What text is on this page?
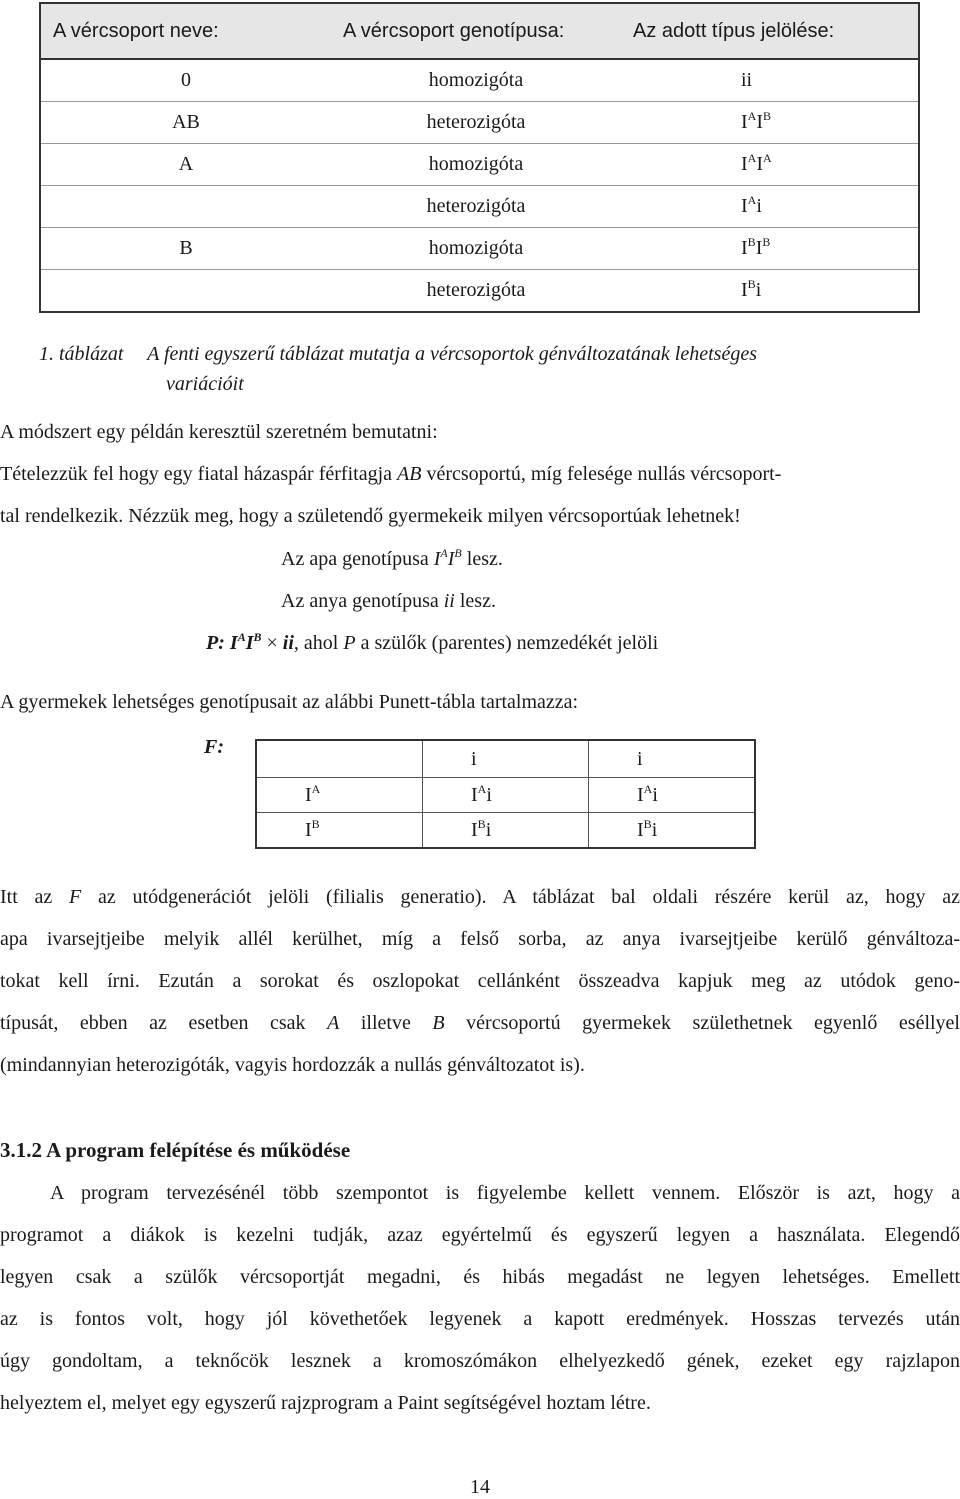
A vércsoport neve:	A vércsoport genotípusa:	Az adott típus jelölése:
0	homozigóta	ii
AB	heterozigóta	$I^AI^B$
A	homozigóta	$I^AI^A$
	heterozigóta	$I^Ai$
B	homozigóta	$I^BI^B$
	heterozigóta	$I^Bi$
1. táblázat A fenti egyszerű táblázat mutatja a vércsoportok génváltozatának lehetséges
variációit
A módszert egy példán keresztül szeretném bemutatni:
Tételezzük fel hogy egy fiatal házaspár férfitagja AB vércsoportú, míg felesége nullás vércsoport-
tal rendelkezik. Nézzük meg, hogy a születendő gyermekeik milyen vércsoportúak lehetnek!
Az apa genotípusa $I^AI^B$ lesz.
Az anya genotípusa ii lesz.
P: $I^AI^B$ × ii, ahol P a szülők (parentes) nemzedékét jelöli
A gyermekek lehetséges genotípusait az alábbi Punett-tábla tartalmazza:
F:
	i	i
$I^A$	$I^Ai$	$I^Ai$
$I^B$	$I^Bi$	$I^Bi$
Itt az F az utódgenerációt jelöli (filialis generatio). A táblázat bal oldali részére kerül az, hogy az
apa ivarsejtjeibe melyik allél kerülhet, míg a felső sorba, az anya ivarsejtjeibe kerülő génváltoza-
tokat kell írni. Ezután a sorokat és oszlopokat cellánként összeadva kapjuk meg az utódok geno-
típusát, ebben az esetben csak A illetve B vércsoportú gyermekek születhetnek egyenlő eséllyel
(mindannyian heterozigóták, vagyis hordozzák a nullás génváltozatot is).
3.1.2 A program felépítése és működése
A program tervezésénél több szempontot is figyelembe kellett vennem. Először is azt, hogy a
programot a diákok is kezelni tudják, azaz egyértelmű és egyszerű legyen a használata. Elegendő
legyen csak a szülők vércsoportját megadni, és hibás megadást ne legyen lehetséges. Emellett
az is fontos volt, hogy jól követhetőek legyenek a kapott eredmények. Hosszas tervezés után
úgy gondoltam, a teknőcök lesznek a kromoszómákon elhelyezkedő gének, ezeket egy rajzlapon
helyeztem el, melyet egy egyszerű rajzprogram a Paint segítségével hoztam létre.
14
